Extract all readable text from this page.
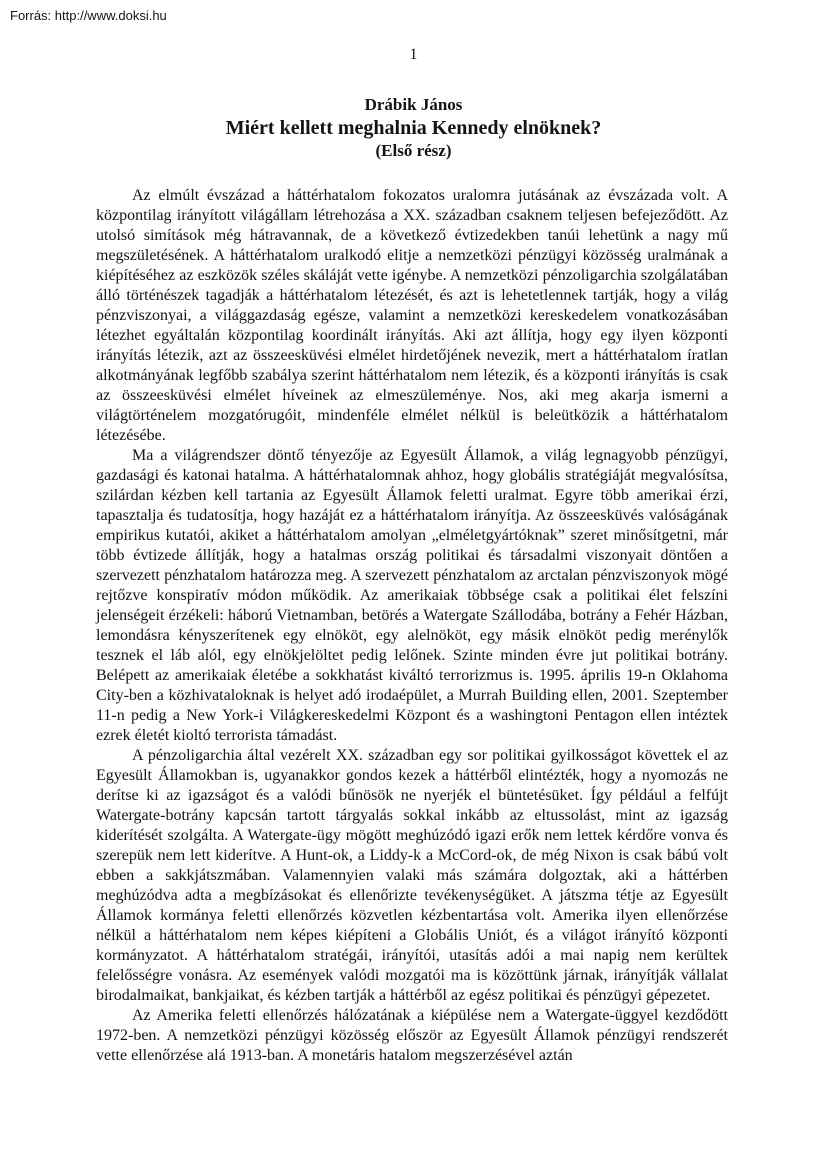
Forrás: http://www.doksi.hu
1
Drábik János
Miért kellett meghalnia Kennedy elnöknek?
(Első rész)

Az elmúlt évszázad a háttérhatalom fokozatos uralomra jutásának az évszázada volt. A központilag irányított világállam létrehozása a XX. században csaknem teljesen befejeződött. Az utolsó simítások még hátravannak, de a következő évtizedekben tanúi lehetünk a nagy mű megszületésének. A háttérhatalom uralkodó elitje a nemzetközi pénzügyi közösség uralmának a kiépítéséhez az eszközök széles skáláját vette igénybe. A nemzetközi pénzoligarchia szolgálatában álló történészek tagadják a háttérhatalom létezését, és azt is lehetetlennek tartják, hogy a világ pénzviszonyai, a világgazdaság egésze, valamint a nemzetközi kereskedelem vonatkozásában létezhet egyáltalán központilag koordinált irányítás. Aki azt állítja, hogy egy ilyen központi irányítás létezik, azt az összeesküvési elmélet hirdetőjének nevezik, mert a háttérhatalom íratlan alkotmányának legfőbb szabálya szerint háttérhatalom nem létezik, és a központi irányítás is csak az összeesküvési elmélet híveinek az elmeszüleménye. Nos, aki meg akarja ismerni a világtörténelem mozgatórugóit, mindenféle elmélet nélkül is beleütközik a háttérhatalom létezésébe.

Ma a világrendszer döntő tényezője az Egyesült Államok, a világ legnagyobb pénzügyi, gazdasági és katonai hatalma. A háttérhatalomnak ahhoz, hogy globális stratégiáját megvalósítsa, szilárdan kézben kell tartania az Egyesült Államok feletti uralmat. Egyre több amerikai érzi, tapasztalja és tudatosítja, hogy hazáját ez a háttérhatalom irányítja. Az összeesküvés valóságának empirikus kutatói, akiket a háttérhatalom amolyan „elméletgyártóknak” szeret minősítgetni, már több évtizede állítják, hogy a hatalmas ország politikai és társadalmi viszonyait döntően a szervezett pénzhatalom határozza meg. A szervezett pénzhatalom az arctalan pénzviszonyok mögé rejtőzve konspiratív módon működik. Az amerikaiak többsége csak a politikai élet felszíni jelenségeit érzékeli: háború Vietnamban, betörés a Watergate Szállodába, botrány a Fehér Házban, lemondásra kényszerítenek egy elnököt, egy alelnököt, egy másik elnököt pedig merénylők tesznek el láb alól, egy elnökjelöltet pedig lelőnek. Szinte minden évre jut politikai botrány. Belépett az amerikaiak életébe a sokkhatást kiváltó terrorizmus is. 1995. április 19-n Oklahoma City-ben a közhivataloknak is helyet adó irodaépület, a Murrah Building ellen, 2001. Szeptember 11-n pedig a New York-i Világkereskedelmi Központ és a washingtoni Pentagon ellen intéztek ezrek életét kioltó terrorista támadást.

A pénzoligarchia által vezérelt XX. században egy sor politikai gyilkosságot követtek el az Egyesült Államokban is, ugyanakkor gondos kezek a háttérből elintézték, hogy a nyomozás ne derítse ki az igazságot és a valódi bűnösök ne nyerjék el büntetésüket. Így például a felfújt Watergate-botrány kapcsán tartott tárgyalás sokkal inkább az eltussolást, mint az igazság kiderítését szolgálta. A Watergate-ügy mögött meghúzódó igazi erők nem lettek kérdőre vonva és szerepük nem lett kiderítve. A Hunt-ok, a Liddy-k a McCord-ok, de még Nixon is csak bábú volt ebben a sakkjátszmában. Valamennyien valaki más számára dolgoztak, aki a háttérben meghúzódva adta a megbízásokat és ellenőrizte tevékenységüket. A játszma tétje az Egyesült Államok kormánya feletti ellenőrzés közvetlen kézbentartása volt. Amerika ilyen ellenőrzése nélkül a háttérhatalom nem képes kiépíteni a Globális Uniót, és a világot irányító központi kormányzatot. A háttérhatalom stratégái, irányítói, utasítás adói a mai napig nem kerültek felelősségre vonásra. Az események valódi mozgatói ma is közöttünk járnak, irányítják vállalat birodalmaikat, bankjaikat, és kézben tartják a háttérből az egész politikai és pénzügyi gépezetet.

Az Amerika feletti ellenőrzés hálózatának a kiépülése nem a Watergate-üggyel kezdődött 1972-ben. A nemzetközi pénzügyi közösség először az Egyesült Államok pénzügyi rendszerét vette ellenőrzése alá 1913-ban. A monetáris hatalom megszerzésével aztán
